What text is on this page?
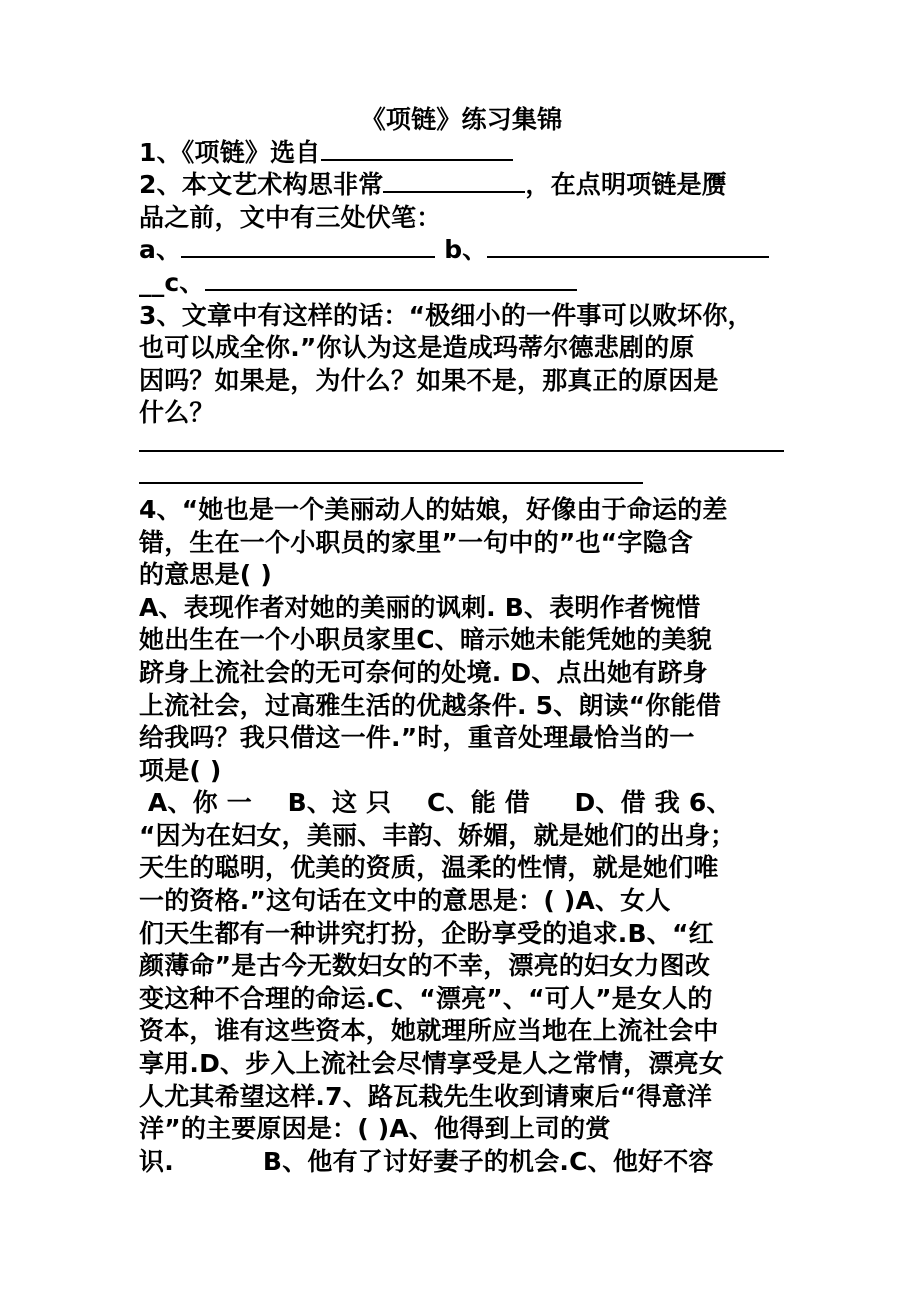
《项链》练习集锦
1、《项链》选自
2、本文艺术构思非常	，在点明项链是赝
品之前，文中有三处伏笔：
a、	b、
__c、
3、文章中有这样的话：“极细小的一件事可以败坏你，
也可以成全你.”你认为这是造成玛蒂尔德悲剧的原
因吗？如果是，为什么？如果不是，那真正的原因是
什么？
4、“她也是一个美丽动人的姑娘，好像由于命运的差
错，生在一个小职员的家里”一句中的”也“字隐含
的意思是( )
A、表现作者对她的美丽的讽刺. B、表明作者惋惜
她出生在一个小职员家里C、暗示她未能凭她的美貌
跻身上流社会的无可奈何的处境. D、点出她有跻身
上流社会，过高雅生活的优越条件. 5、朗读“你能借
给我吗？我只借这一件.”时，重音处理最恰当的一
项是( )
A、你 一    B、这 只    C、能 借     D、借 我 6、
“因为在妇女，美丽、丰韵、娇媚，就是她们的出身；
天生的聪明，优美的资质，温柔的性情，就是她们唯
一的资格.”这句话在文中的意思是：( )A、女人
们天生都有一种讲究打扮，企盼享受的追求.B、“红
颜薄命”是古今无数妇女的不幸，漂亮的妇女力图改
变这种不合理的命运.C、“漂亮”、“可人”是女人的
资本，谁有这些资本，她就理所应当地在上流社会中
享用.D、步入上流社会尽情享受是人之常情，漂亮女
人尤其希望这样.7、路瓦栽先生收到请柬后“得意洋
洋”的主要原因是：( )A、他得到上司的赏
识.          B、他有了讨好妻子的机会.C、他好不容
